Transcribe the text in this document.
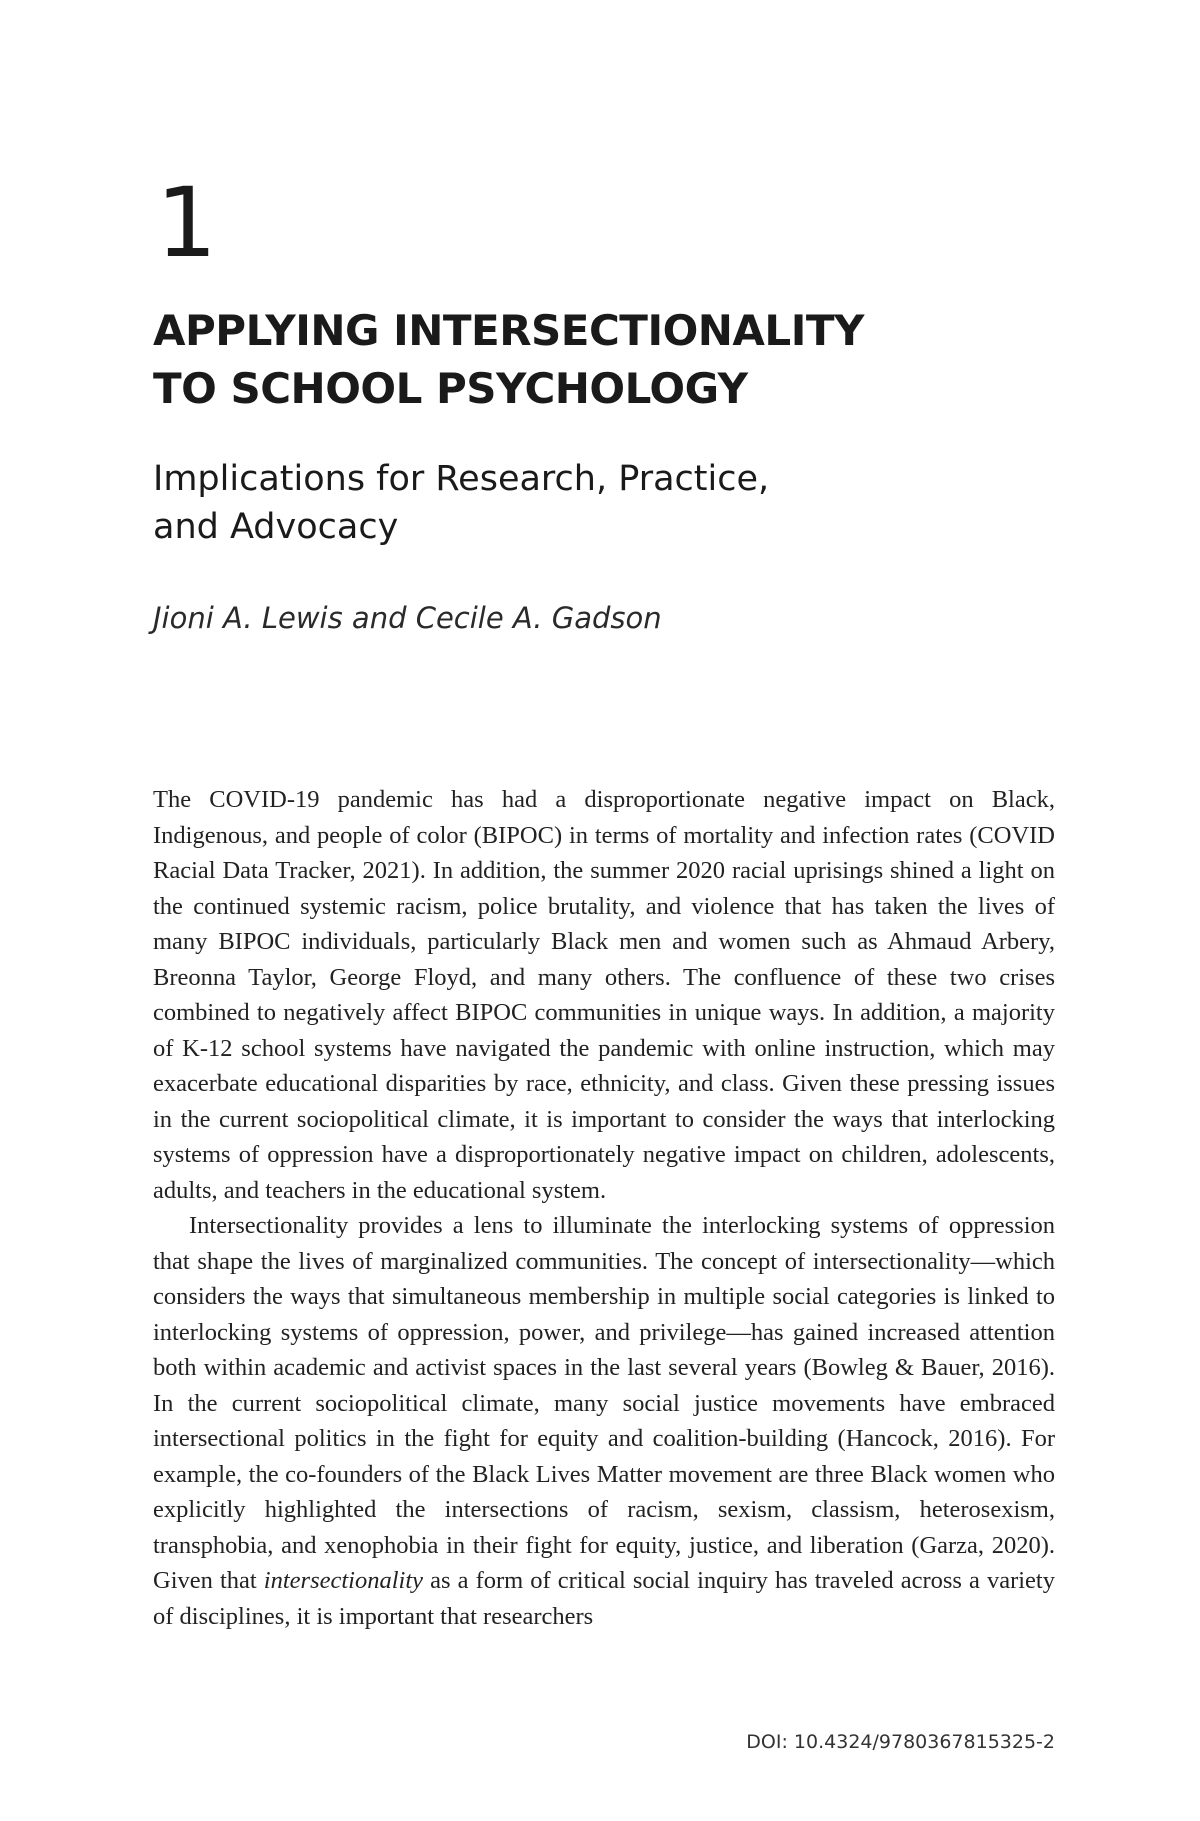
1
APPLYING INTERSECTIONALITY
TO SCHOOL PSYCHOLOGY
Implications for Research, Practice,
and Advocacy

Jioni A. Lewis and Cecile A. Gadson

The COVID-19 pandemic has had a disproportionate negative impact on Black, Indigenous, and people of color (BIPOC) in terms of mortality and infection rates (COVID Racial Data Tracker, 2021). In addition, the summer 2020 racial uprisings shined a light on the continued systemic racism, police brutality, and violence that has taken the lives of many BIPOC individuals, particularly Black men and women such as Ahmaud Arbery, Breonna Taylor, George Floyd, and many others. The confluence of these two crises combined to negatively affect BIPOC communities in unique ways. In addition, a majority of K-12 school systems have navigated the pandemic with online instruction, which may exacerbate educational disparities by race, ethnicity, and class. Given these pressing issues in the current sociopolitical climate, it is important to consider the ways that interlocking systems of oppression have a disproportionately negative impact on children, adolescents, adults, and teachers in the educational system.

Intersectionality provides a lens to illuminate the interlocking systems of oppression that shape the lives of marginalized communities. The concept of intersectionality—which considers the ways that simultaneous membership in multiple social categories is linked to interlocking systems of oppression, power, and privilege—has gained increased attention both within academic and activist spaces in the last several years (Bowleg & Bauer, 2016). In the current sociopolitical climate, many social justice movements have embraced intersectional politics in the fight for equity and coalition-building (Hancock, 2016). For example, the co-founders of the Black Lives Matter movement are three Black women who explicitly highlighted the intersections of racism, sexism, classism, heterosexism, transphobia, and xenophobia in their fight for equity, justice, and liberation (Garza, 2020). Given that intersectionality as a form of critical social inquiry has traveled across a variety of disciplines, it is important that researchers

DOI: 10.4324/9780367815325-2
